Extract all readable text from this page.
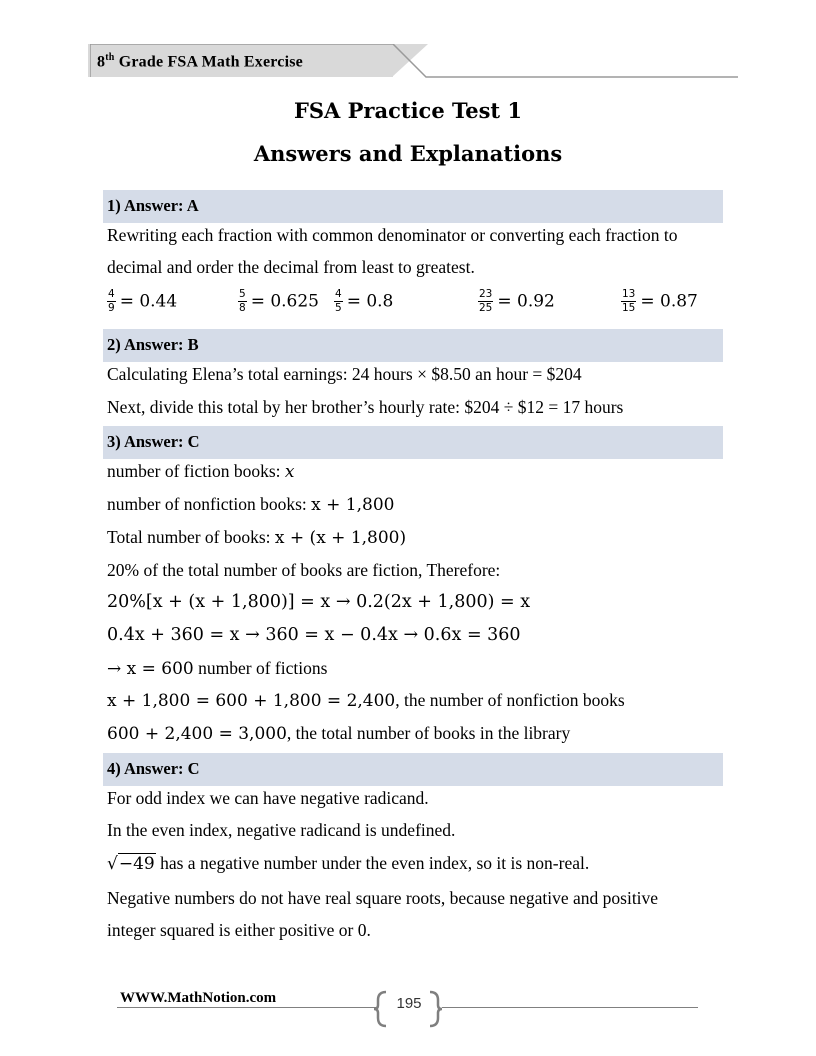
8th Grade FSA Math Exercise
FSA Practice Test 1
Answers and Explanations
1) Answer: A
Rewriting each fraction with common denominator or converting each fraction to
decimal and order the decimal from least to greatest.
$\frac{4}{9} = 0.44$	$\frac{5}{8} = 0.625 \frac{4}{5} = 0.8$	$\frac{23}{25} = 0.92$	$\frac{13}{15} = 0.87$
2) Answer: B
Calculating Elena’s total earnings: 24 hours × $8.50 an hour = $204
Next, divide this total by her brother’s hourly rate: $204 ÷ $12 = 17 hours
3) Answer: C
number of fiction books: x
number of nonfiction books: x + 1,800
Total number of books: x + (x + 1,800)
20% of the total number of books are fiction, Therefore:
20%[x + (x + 1,800)] = x → 0.2(2x + 1,800) = x
0.4x + 360 = x → 360 = x − 0.4x → 0.6x = 360
→ x = 600 number of fictions
x + 1,800 = 600 + 1,800 = 2,400, the number of nonfiction books
600 + 2,400 = 3,000, the total number of books in the library
4) Answer: C
For odd index we can have negative radicand.
In the even index, negative radicand is undefined.
√−49 has a negative number under the even index, so it is non-real.
Negative numbers do not have real square roots, because negative and positive
integer squared is either positive or 0.
WWW.MathNotion.com	195
